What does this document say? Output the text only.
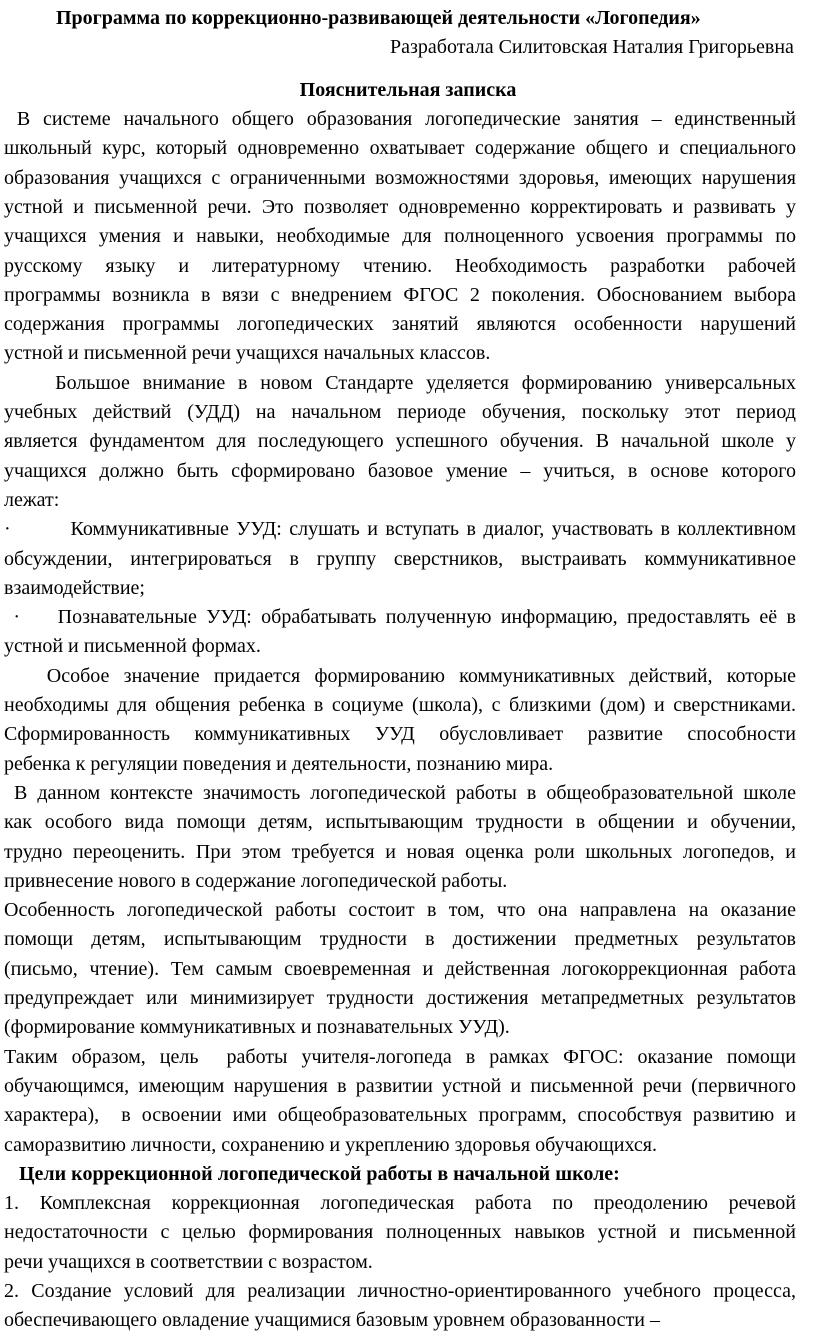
Программа по коррекционно-развивающей деятельности «Логопедия»
Разработала Силитовская Наталия Григорьевна
Пояснительная записка
В системе начального общего образования логопедические занятия – единственный
школьный курс, который одновременно охватывает содержание общего и специального
образования учащихся с ограниченными возможностями здоровья, имеющих нарушения
устной и письменной речи. Это позволяет одновременно корректировать и развивать у
учащихся умения и навыки, необходимые для полноценного усвоения программы по
русскому языку и литературному чтению. Необходимость разработки рабочей
программы возникла в вязи с внедрением ФГОС 2 поколения. Обоснованием выбора
содержания программы логопедических занятий являются особенности нарушений
устной и письменной речи учащихся начальных классов.
Большое внимание в новом Стандарте уделяется формированию универсальных
учебных действий (УДД) на начальном периоде обучения, поскольку этот период
является фундаментом для последующего успешного обучения. В начальной школе у
учащихся должно быть сформировано базовое умение – учиться, в основе которого
лежат:
·        Коммуникативные УУД: слушать и вступать в диалог, участвовать в коллективном
обсуждении, интегрироваться в группу сверстников, выстраивать коммуникативное
взаимодействие;
·    Познавательные УУД: обрабатывать полученную информацию, предоставлять её в
устной и письменной формах.
Особое значение придается формированию коммуникативных действий, которые
необходимы для общения ребенка в социуме (школа), с близкими (дом) и сверстниками.
Сформированность коммуникативных УУД обусловливает развитие способности
ребенка к регуляции поведения и деятельности, познанию мира.
В данном контексте значимость логопедической работы в общеобразовательной школе
как особого вида помощи детям, испытывающим трудности в общении и обучении,
трудно переоценить. При этом требуется и новая оценка роли школьных логопедов, и
привнесение нового в содержание логопедической работы.
Особенность логопедической работы состоит в том, что она направлена на оказание
помощи детям, испытывающим трудности в достижении предметных результатов
(письмо, чтение). Тем самым своевременная и действенная логокоррекционная работа
предупреждает или минимизирует трудности достижения метапредметных результатов
(формирование коммуникативных и познавательных УУД).
Таким образом, цель  работы учителя-логопеда в рамках ФГОС: оказание помощи
обучающимся, имеющим нарушения в развитии устной и письменной речи (первичного
характера),  в освоении ими общеобразовательных программ, способствуя развитию и
саморазвитию личности, сохранению и укреплению здоровья обучающихся.
Цели коррекционной логопедической работы в начальной школе:
1. Комплексная коррекционная логопедическая работа по преодолению речевой
недостаточности с целью формирования полноценных навыков устной и письменной
речи учащихся в соответствии с возрастом.
2. Создание условий для реализации личностно-ориентированного учебного процесса,
обеспечивающего овладение учащимися базовым уровнем образованности –
